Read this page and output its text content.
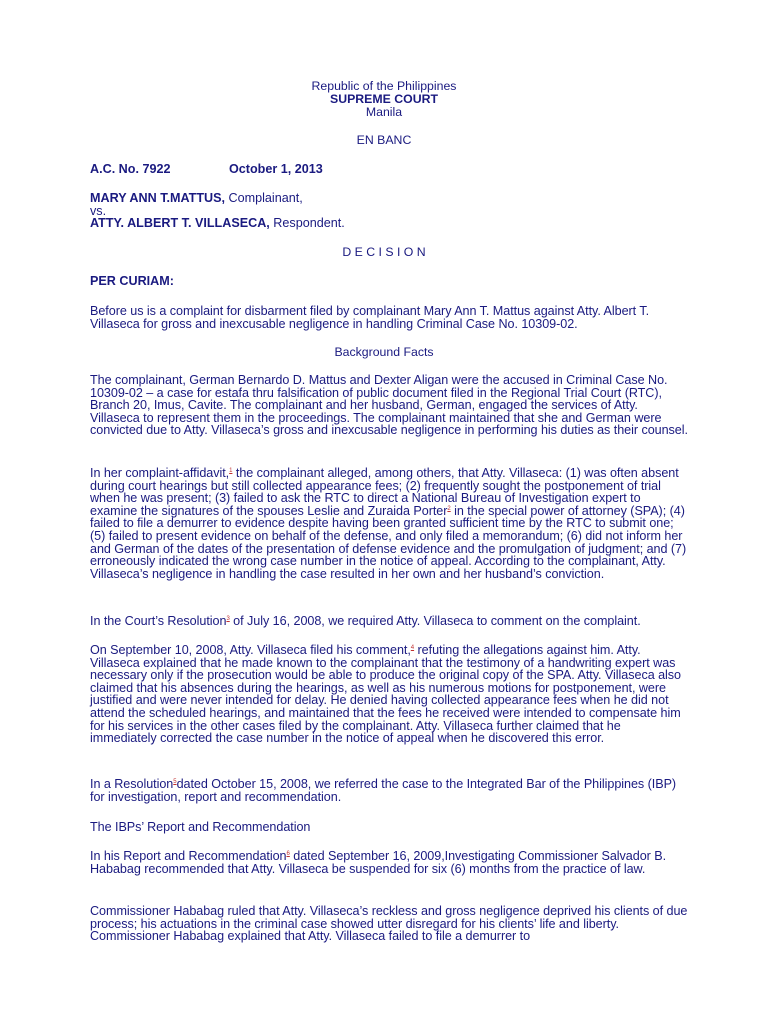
Republic of the Philippines
SUPREME COURT
Manila
EN BANC
A.C. No. 7922	October 1, 2013
MARY ANN T.MATTUS, Complainant,
vs.
ATTY. ALBERT T. VILLASECA, Respondent.
D E C I S I O N
PER CURIAM:
Before us is a complaint for disbarment filed by complainant Mary Ann T. Mattus against Atty. Albert T. Villaseca for gross and inexcusable negligence in handling Criminal Case No. 10309-02.
Background Facts
The complainant, German Bernardo D. Mattus and Dexter Aligan were the accused in Criminal Case No. 10309-02 – a case for estafa thru falsification of public document filed in the Regional Trial Court (RTC), Branch 20, Imus, Cavite. The complainant and her husband, German, engaged the services of Atty. Villaseca to represent them in the proceedings. The complainant maintained that she and German were convicted due to Atty. Villaseca’s gross and inexcusable negligence in performing his duties as their counsel.
In her complaint-affidavit,$^1$ the complainant alleged, among others, that Atty. Villaseca: (1) was often absent during court hearings but still collected appearance fees; (2) frequently sought the postponement of trial when he was present; (3) failed to ask the RTC to direct a National Bureau of Investigation expert to examine the signatures of the spouses Leslie and Zuraida Porter$^2$ in the special power of attorney (SPA); (4) failed to file a demurrer to evidence despite having been granted sufficient time by the RTC to submit one; (5) failed to present evidence on behalf of the defense, and only filed a memorandum; (6) did not inform her and German of the dates of the presentation of defense evidence and the promulgation of judgment; and (7) erroneously indicated the wrong case number in the notice of appeal. According to the complainant, Atty. Villaseca’s negligence in handling the case resulted in her own and her husband’s conviction.
In the Court’s Resolution$^3$ of July 16, 2008, we required Atty. Villaseca to comment on the complaint.
On September 10, 2008, Atty. Villaseca filed his comment,$^4$ refuting the allegations against him. Atty. Villaseca explained that he made known to the complainant that the testimony of a handwriting expert was necessary only if the prosecution would be able to produce the original copy of the SPA. Atty. Villaseca also claimed that his absences during the hearings, as well as his numerous motions for postponement, were justified and were never intended for delay. He denied having collected appearance fees when he did not attend the scheduled hearings, and maintained that the fees he received were intended to compensate him for his services in the other cases filed by the complainant. Atty. Villaseca further claimed that he immediately corrected the case number in the notice of appeal when he discovered this error.
In a Resolution$^5$dated October 15, 2008, we referred the case to the Integrated Bar of the Philippines (IBP) for investigation, report and recommendation.
The IBPs’ Report and Recommendation
In his Report and Recommendation$^6$ dated September 16, 2009,Investigating Commissioner Salvador B. Hababag recommended that Atty. Villaseca be suspended for six (6) months from the practice of law.
Commissioner Hababag ruled that Atty. Villaseca’s reckless and gross negligence deprived his clients of due process; his actuations in the criminal case showed utter disregard for his clients’ life and liberty. Commissioner Hababag explained that Atty. Villaseca failed to file a demurrer to
